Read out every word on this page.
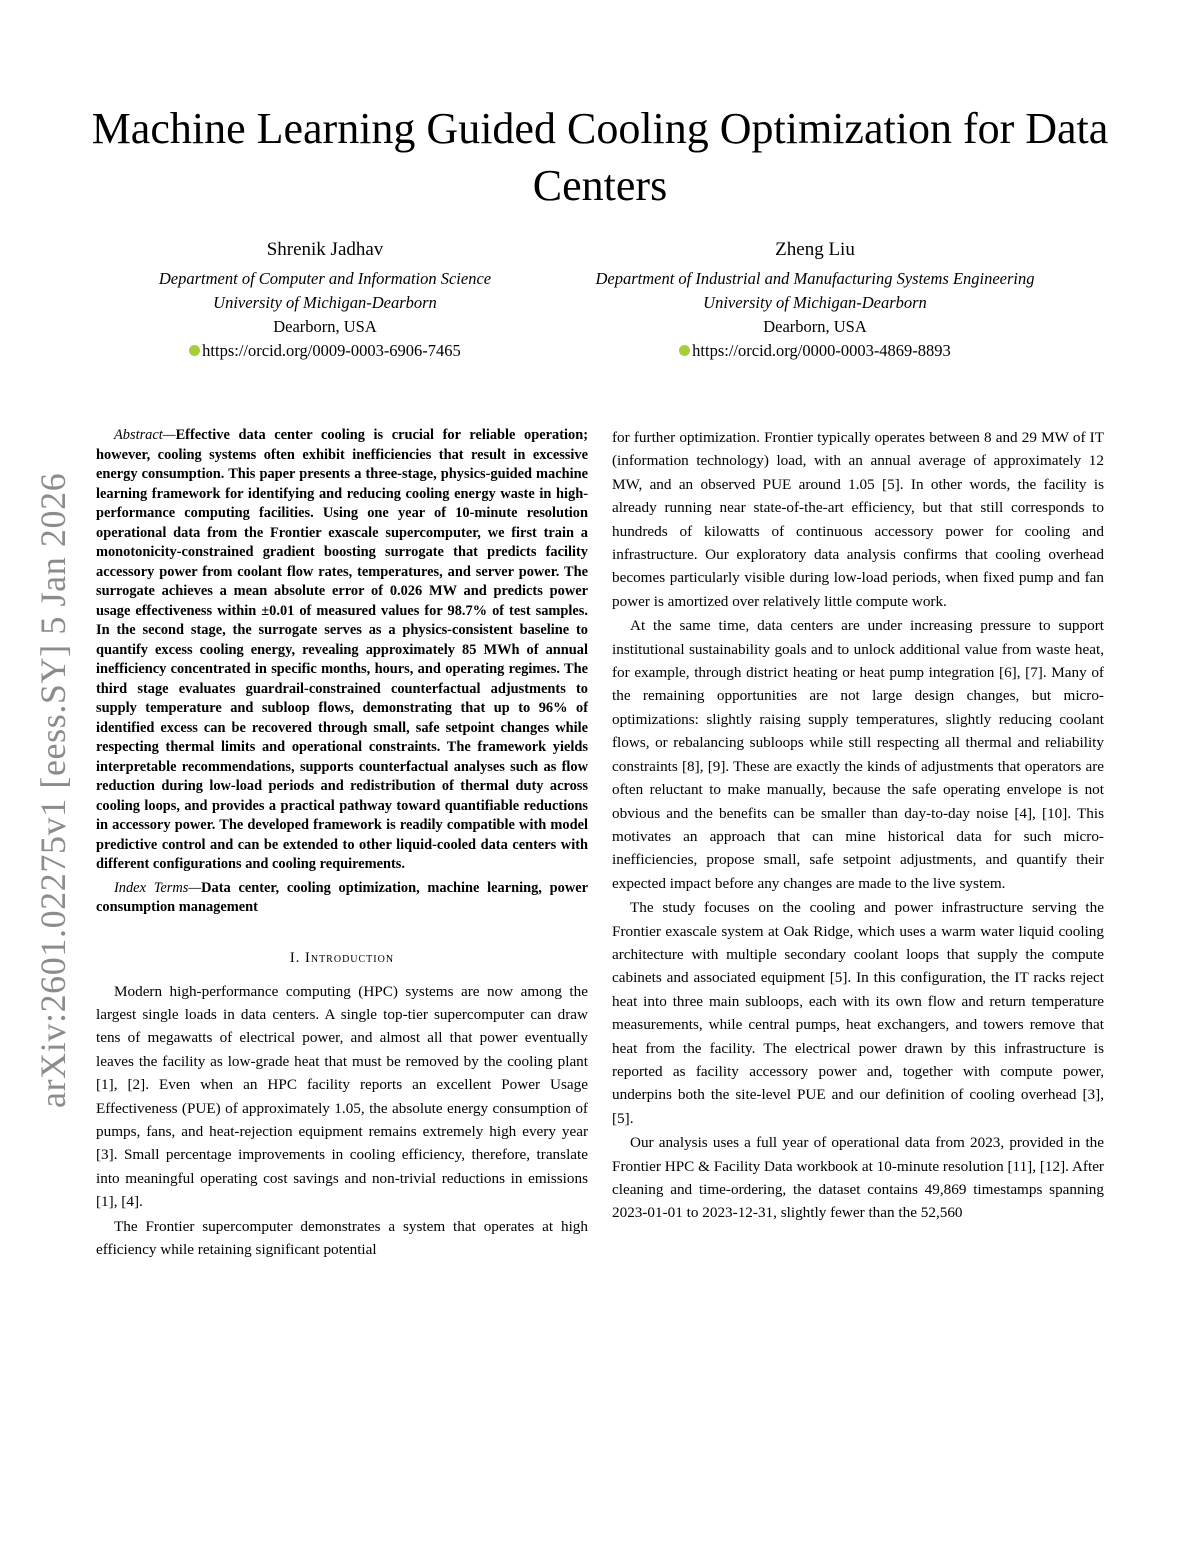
arXiv:2601.02275v1 [eess.SY] 5 Jan 2026
Machine Learning Guided Cooling Optimization for Data Centers
Shrenik Jadhav
Department of Computer and Information Science
University of Michigan-Dearborn
Dearborn, USA
https://orcid.org/0009-0003-6906-7465
Zheng Liu
Department of Industrial and Manufacturing Systems Engineering
University of Michigan-Dearborn
Dearborn, USA
https://orcid.org/0000-0003-4869-8893

Abstract—Effective data center cooling is crucial for reliable operation; however, cooling systems often exhibit inefficiencies that result in excessive energy consumption. This paper presents a three-stage, physics-guided machine learning framework for identifying and reducing cooling energy waste in high-performance computing facilities. Using one year of 10-minute resolution operational data from the Frontier exascale supercomputer, we first train a monotonicity-constrained gradient boosting surrogate that predicts facility accessory power from coolant flow rates, temperatures, and server power. The surrogate achieves a mean absolute error of 0.026 MW and predicts power usage effectiveness within ±0.01 of measured values for 98.7% of test samples. In the second stage, the surrogate serves as a physics-consistent baseline to quantify excess cooling energy, revealing approximately 85 MWh of annual inefficiency concentrated in specific months, hours, and operating regimes. The third stage evaluates guardrail-constrained counterfactual adjustments to supply temperature and subloop flows, demonstrating that up to 96% of identified excess can be recovered through small, safe setpoint changes while respecting thermal limits and operational constraints. The framework yields interpretable recommendations, supports counterfactual analyses such as flow reduction during low-load periods and redistribution of thermal duty across cooling loops, and provides a practical pathway toward quantifiable reductions in accessory power. The developed framework is readily compatible with model predictive control and can be extended to other liquid-cooled data centers with different configurations and cooling requirements.

Index Terms—Data center, cooling optimization, machine learning, power consumption management

I. Introduction

Modern high-performance computing (HPC) systems are now among the largest single loads in data centers. A single top-tier supercomputer can draw tens of megawatts of electrical power, and almost all that power eventually leaves the facility as low-grade heat that must be removed by the cooling plant [1], [2]. Even when an HPC facility reports an excellent Power Usage Effectiveness (PUE) of approximately 1.05, the absolute energy consumption of pumps, fans, and heat-rejection equipment remains extremely high every year [3]. Small percentage improvements in cooling efficiency, therefore, translate into meaningful operating cost savings and non-trivial reductions in emissions [1], [4].

The Frontier supercomputer demonstrates a system that operates at high efficiency while retaining significant potential

for further optimization. Frontier typically operates between 8 and 29 MW of IT (information technology) load, with an annual average of approximately 12 MW, and an observed PUE around 1.05 [5]. In other words, the facility is already running near state-of-the-art efficiency, but that still corresponds to hundreds of kilowatts of continuous accessory power for cooling and infrastructure. Our exploratory data analysis confirms that cooling overhead becomes particularly visible during low-load periods, when fixed pump and fan power is amortized over relatively little compute work.

At the same time, data centers are under increasing pressure to support institutional sustainability goals and to unlock additional value from waste heat, for example, through district heating or heat pump integration [6], [7]. Many of the remaining opportunities are not large design changes, but micro-optimizations: slightly raising supply temperatures, slightly reducing coolant flows, or rebalancing subloops while still respecting all thermal and reliability constraints [8], [9]. These are exactly the kinds of adjustments that operators are often reluctant to make manually, because the safe operating envelope is not obvious and the benefits can be smaller than day-to-day noise [4], [10]. This motivates an approach that can mine historical data for such micro-inefficiencies, propose small, safe setpoint adjustments, and quantify their expected impact before any changes are made to the live system.

The study focuses on the cooling and power infrastructure serving the Frontier exascale system at Oak Ridge, which uses a warm water liquid cooling architecture with multiple secondary coolant loops that supply the compute cabinets and associated equipment [5]. In this configuration, the IT racks reject heat into three main subloops, each with its own flow and return temperature measurements, while central pumps, heat exchangers, and towers remove that heat from the facility. The electrical power drawn by this infrastructure is reported as facility accessory power and, together with compute power, underpins both the site-level PUE and our definition of cooling overhead [3], [5].

Our analysis uses a full year of operational data from 2023, provided in the Frontier HPC & Facility Data workbook at 10-minute resolution [11], [12]. After cleaning and time-ordering, the dataset contains 49,869 timestamps spanning 2023-01-01 to 2023-12-31, slightly fewer than the 52,560
